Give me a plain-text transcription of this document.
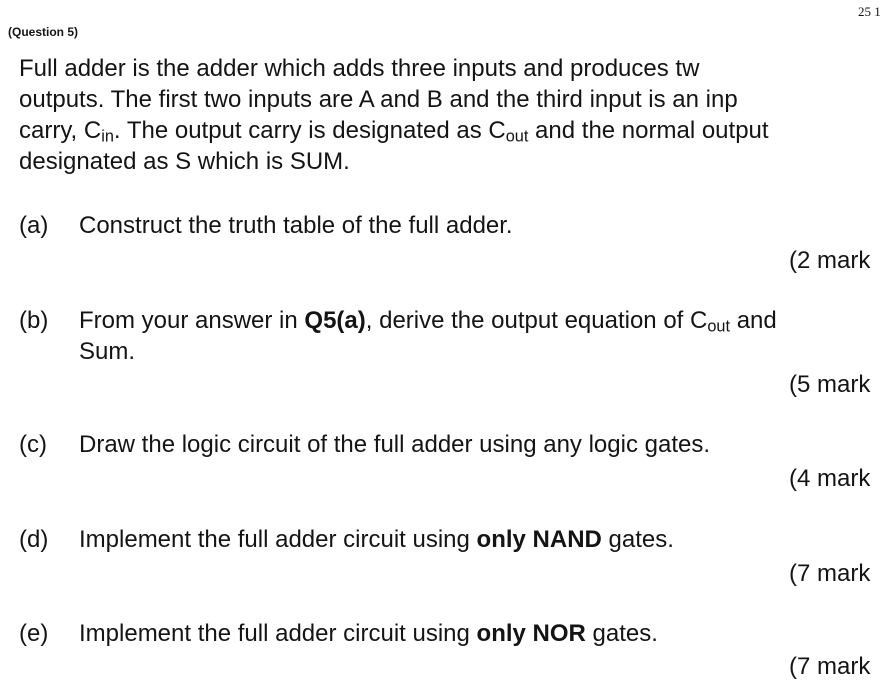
25 1
(Question 5)
Full adder is the adder which adds three inputs and produces tw
outputs. The first two inputs are A and B and the third input is an inp
carry, $C_{in}$. The output carry is designated as $C_{out}$ and the normal output
designated as S which is SUM.
(a) Construct the truth table of the full adder.
(2 mark
(b) From your answer in Q5(a), derive the output equation of $C_{out}$ and
Sum.
(5 mark
(c) Draw the logic circuit of the full adder using any logic gates.
(4 mark
(d) Implement the full adder circuit using only NAND gates.
(7 mark
(e) Implement the full adder circuit using only NOR gates.
(7 mark
